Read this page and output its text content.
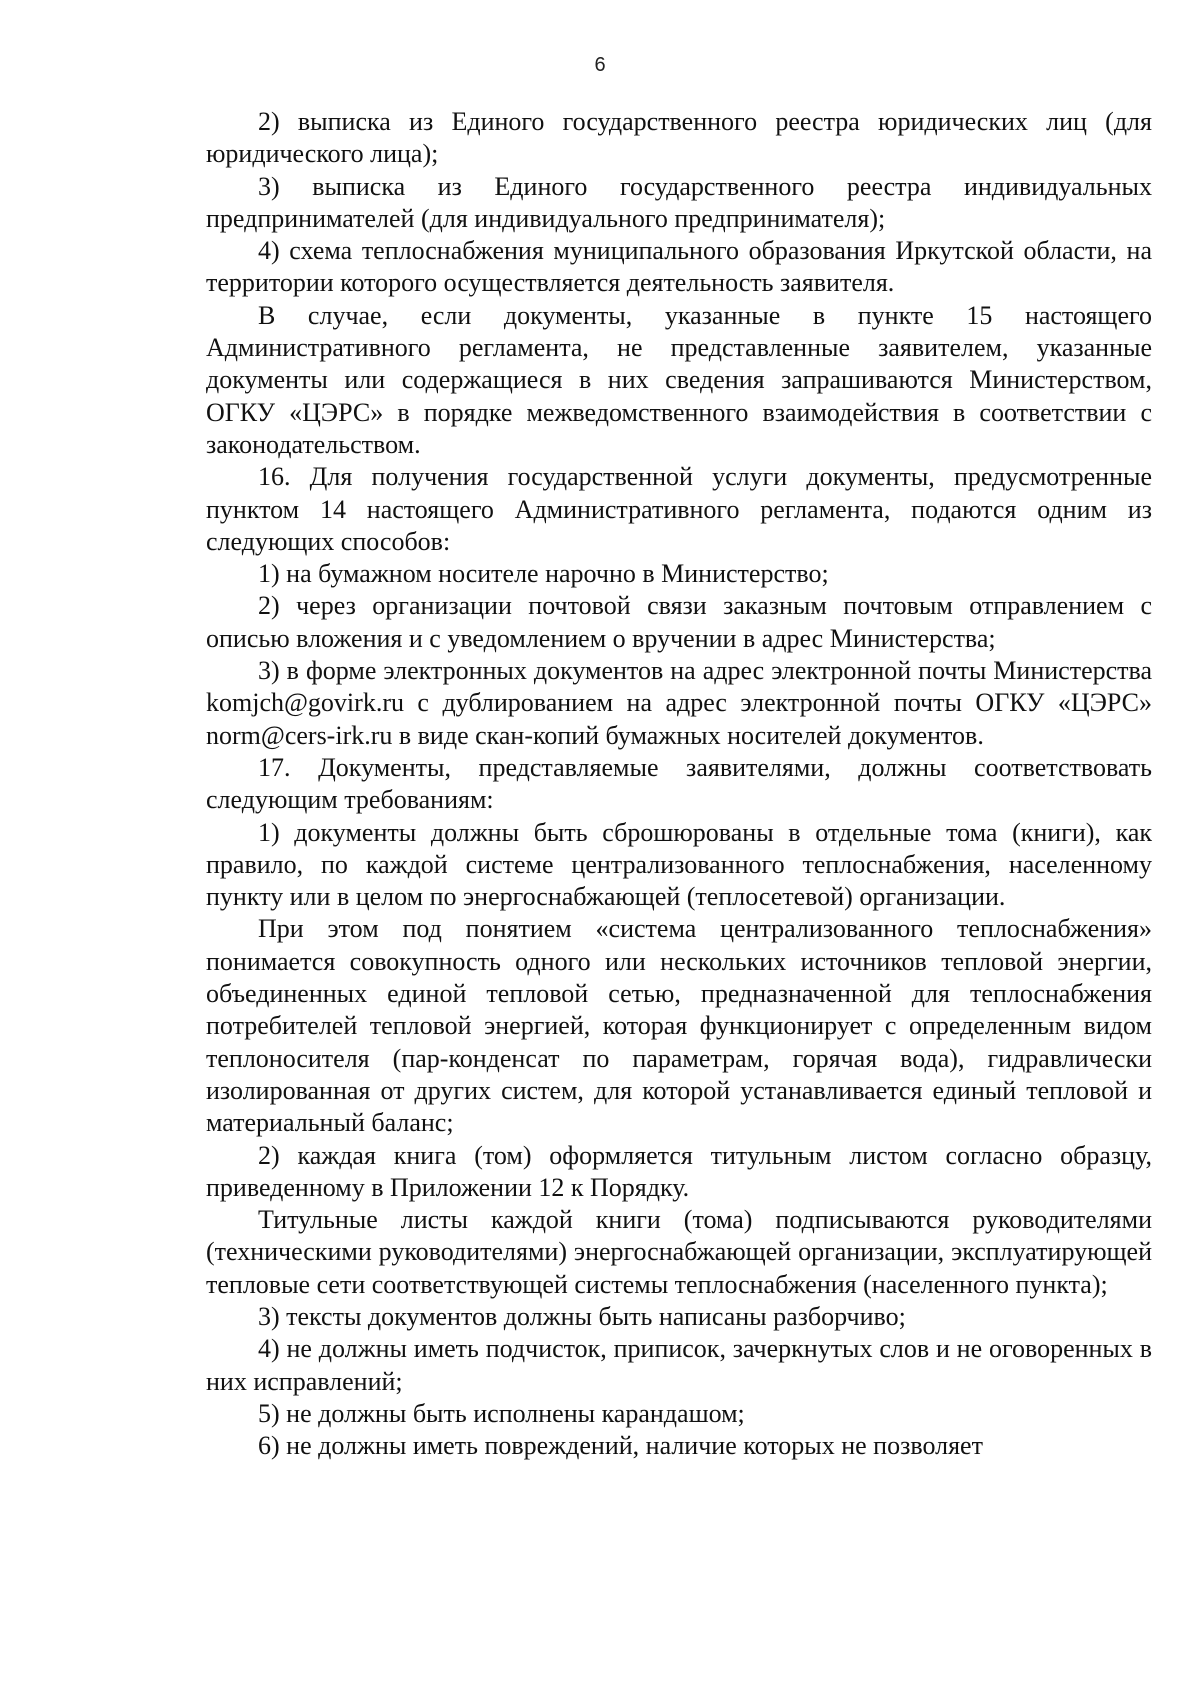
6

2) выписка из Единого государственного реестра юридических лиц (для юридического лица);

3) выписка из Единого государственного реестра индивидуальных предпринимателей (для индивидуального предпринимателя);

4) схема теплоснабжения муниципального образования Иркутской области, на территории которого осуществляется деятельность заявителя.

В случае, если документы, указанные в пункте 15 настоящего Административного регламента, не представленные заявителем, указанные документы или содержащиеся в них сведения запрашиваются Министерством, ОГКУ «ЦЭРС» в порядке межведомственного взаимодействия в соответствии с законодательством.

16. Для получения государственной услуги документы, предусмотренные пунктом 14 настоящего Административного регламента, подаются одним из следующих способов:

1) на бумажном носителе нарочно в Министерство;

2) через организации почтовой связи заказным почтовым отправлением с описью вложения и с уведомлением о вручении в адрес Министерства;

3) в форме электронных документов на адрес электронной почты Министерства komjch@govirk.ru с дублированием на адрес электронной почты ОГКУ «ЦЭРС» norm@cers-irk.ru в виде скан-копий бумажных носителей документов.

17. Документы, представляемые заявителями, должны соответствовать следующим требованиям:

1) документы должны быть сброшюрованы в отдельные тома (книги), как правило, по каждой системе централизованного теплоснабжения, населенному пункту или в целом по энергоснабжающей (теплосетевой) организации.

При этом под понятием «система централизованного теплоснабжения» понимается совокупность одного или нескольких источников тепловой энергии, объединенных единой тепловой сетью, предназначенной для теплоснабжения потребителей тепловой энергией, которая функционирует с определенным видом теплоносителя (пар-конденсат по параметрам, горячая вода), гидравлически изолированная от других систем, для которой устанавливается единый тепловой и материальный баланс;

2) каждая книга (том) оформляется титульным листом согласно образцу, приведенному в Приложении 12 к Порядку.

Титульные листы каждой книги (тома) подписываются руководителями (техническими руководителями) энергоснабжающей организации, эксплуатирующей тепловые сети соответствующей системы теплоснабжения (населенного пункта);

3) тексты документов должны быть написаны разборчиво;

4) не должны иметь подчисток, приписок, зачеркнутых слов и не оговоренных в них исправлений;

5) не должны быть исполнены карандашом;

6) не должны иметь повреждений, наличие которых не позволяет
